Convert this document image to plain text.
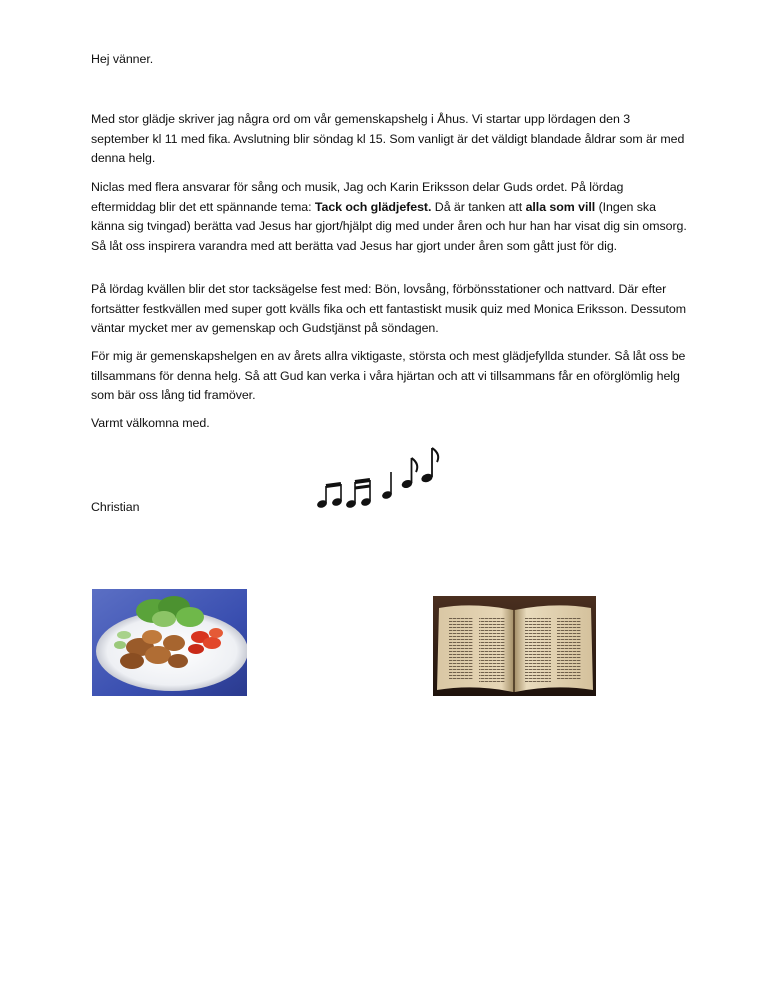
Hej vänner.
Med stor glädje skriver jag några ord om vår gemenskapshelg i Åhus. Vi startar upp lördagen den 3 september kl 11 med fika. Avslutning blir söndag kl 15. Som vanligt är det väldigt blandade åldrar som är med denna helg.
Niclas med flera ansvarar för sång och musik, Jag och Karin Eriksson delar Guds ordet. På lördag eftermiddag blir det ett spännande tema: Tack och glädjefest. Då är tanken att alla som vill (Ingen ska känna sig tvingad) berätta vad Jesus har gjort/hjälpt dig med under åren och hur han har visat dig sin omsorg. Så låt oss inspirera varandra med att berätta vad Jesus har gjort under åren som gått just för dig.
På lördag kvällen blir det stor tacksägelse fest med: Bön, lovsång, förbönsstationer och nattvard. Där efter fortsätter festkvällen med super gott kvälls fika och ett fantastiskt musik quiz med Monica Eriksson. Dessutom väntar mycket mer av gemenskap och Gudstjänst på söndagen.
För mig är gemenskapshelgen en av årets allra viktigaste, största och mest glädjefyllda stunder. Så låt oss be tillsammans för denna helg. Så att Gud kan verka i våra hjärtan och att vi tillsammans får en oförglömlig helg som bär oss lång tid framöver.
Varmt välkomna med.
Christian
